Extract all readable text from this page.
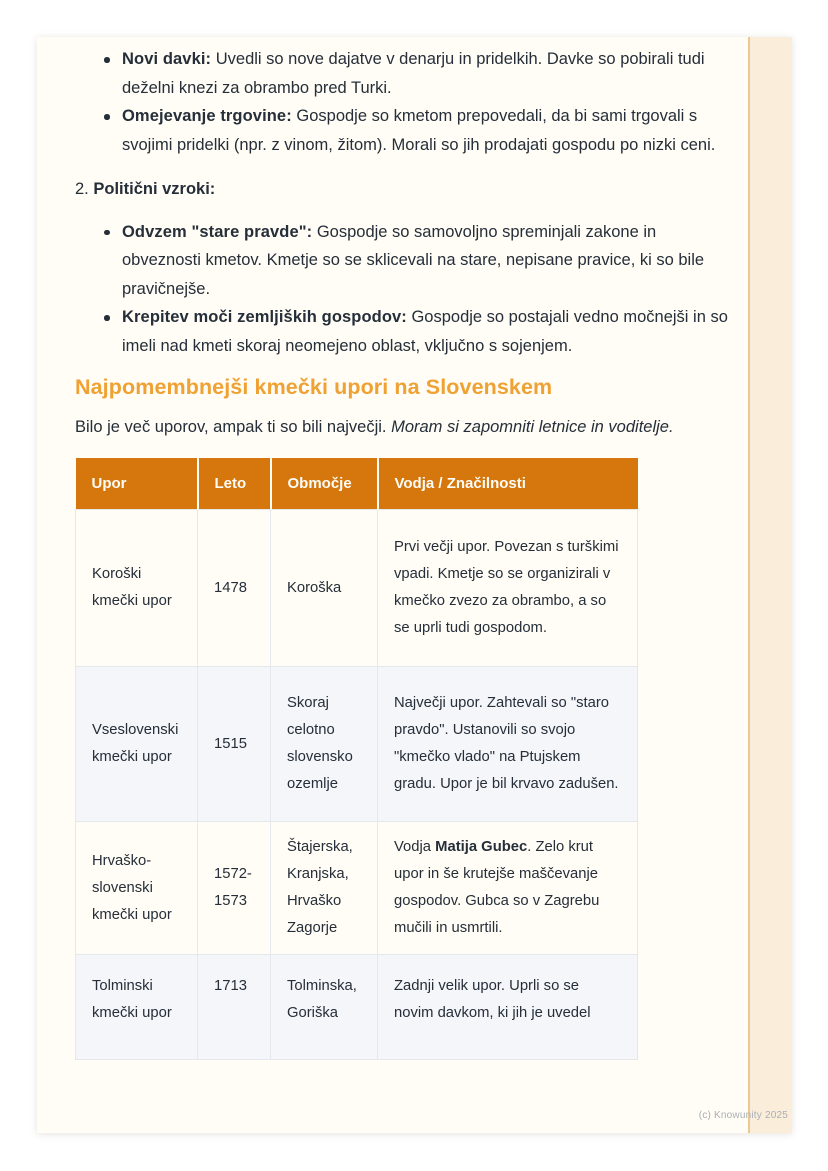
Novi davki: Uvedli so nove dajatve v denarju in pridelkih. Davke so pobirali tudi deželni knezi za obrambo pred Turki.
Omejevanje trgovine: Gospodje so kmetom prepovedali, da bi sami trgovali s svojimi pridelki (npr. z vinom, žitom). Morali so jih prodajati gospodu po nizki ceni.
2. Politični vzroki:
Odvzem "stare pravde": Gospodje so samovoljno spreminjali zakone in obveznosti kmetov. Kmetje so se sklicevali na stare, nepisane pravice, ki so bile pravičnejše.
Krepitev moči zemljiških gospodov: Gospodje so postajali vedno močnejši in so imeli nad kmeti skoraj neomejeno oblast, vključno s sojenjem.
Najpomembnejši kmečki upori na Slovenskem

Bilo je več uporov, ampak ti so bili največji. Moram si zapomniti letnice in voditelje.

Upor	Leto	Območje	Vodja / Značilnosti
Koroški kmečki upor	1478	Koroška	Prvi večji upor. Povezan s turškimi vpadi. Kmetje so se organizirali v kmečko zvezo za obrambo, a so se uprli tudi gospodom.
Vseslovenski kmečki upor	1515	Skoraj celotno slovensko ozemlje	Največji upor. Zahtevali so "staro pravdo". Ustanovili so svojo "kmečko vlado" na Ptujskem gradu. Upor je bil krvavo zadušen.
Hrvaško-slovenski kmečki upor	1572-1573	Štajerska, Kranjska, Hrvaško Zagorje	Vodja Matija Gubec. Zelo krut upor in še krutejše maščevanje gospodov. Gubca so v Zagrebu mučili in usmrtili.
Tolminski kmečki upor	1713	Tolminska, Goriška	Zadnji velik upor. Uprli so se novim davkom, ki jih je uvedel
(c) Knowunity 2025
